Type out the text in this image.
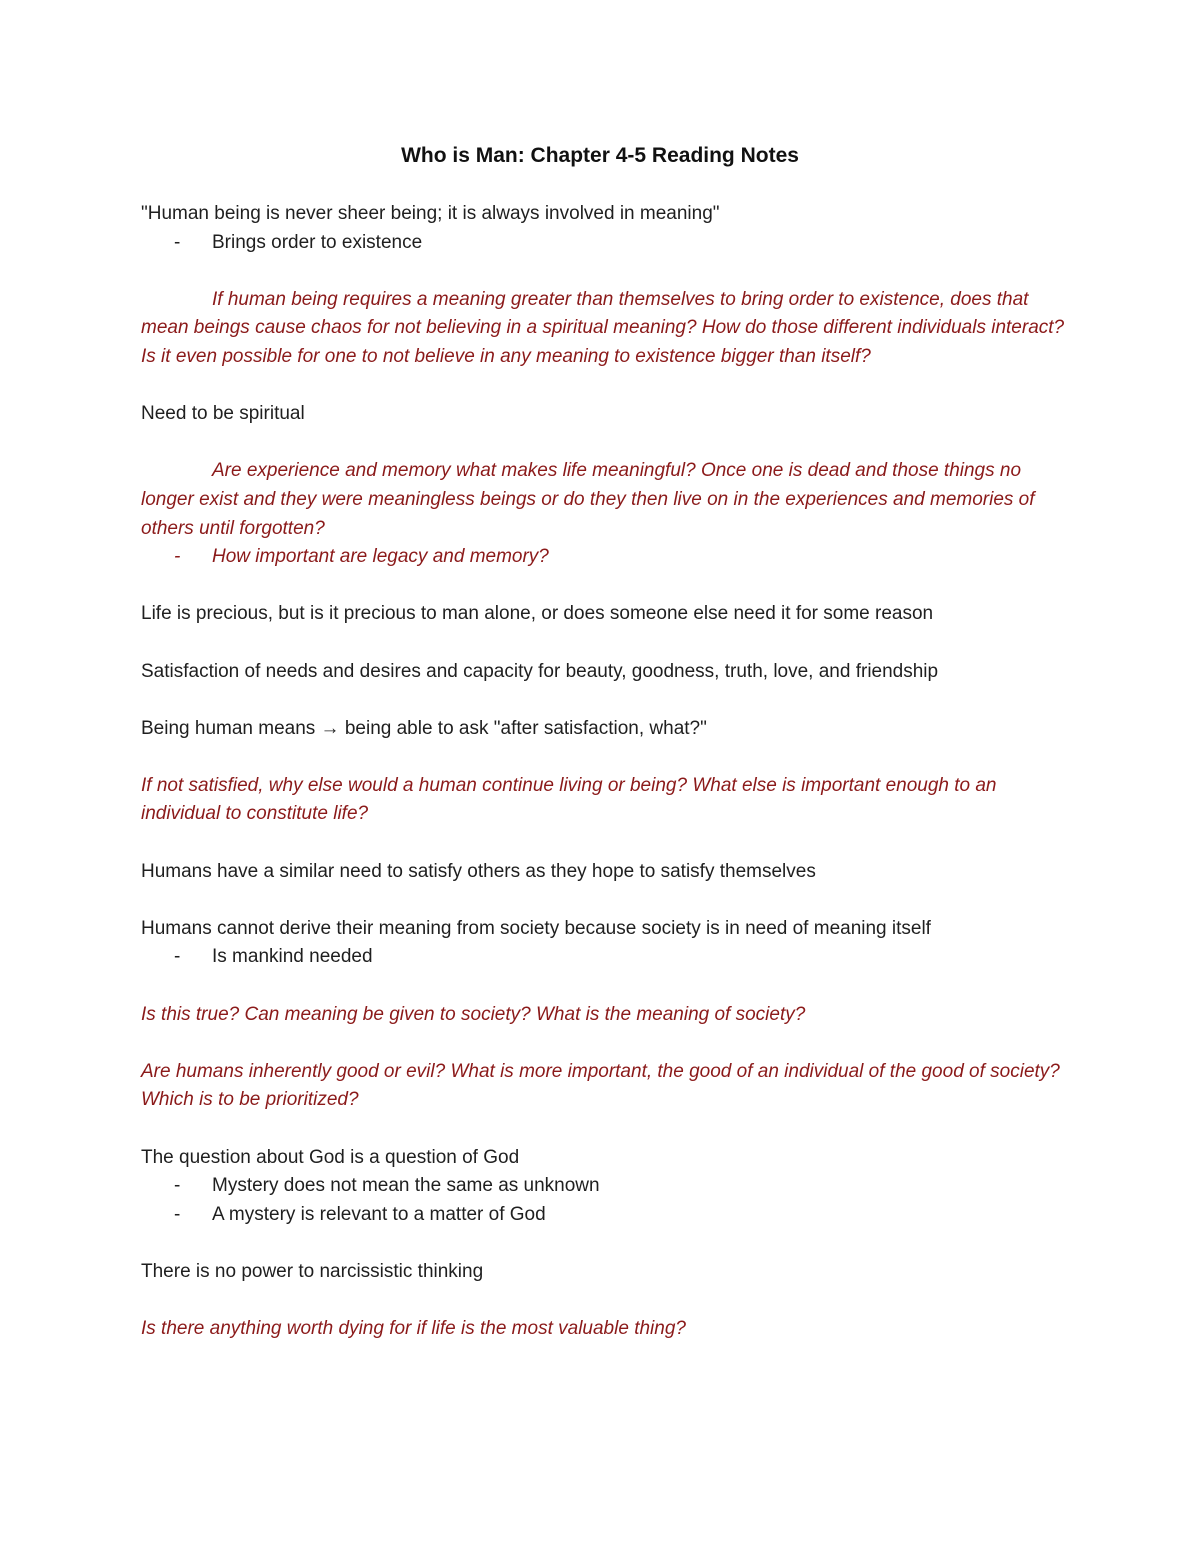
Who is Man: Chapter 4-5 Reading Notes

"Human being is never sheer being; it is always involved in meaning"

- Brings order to existence

If human being requires a meaning greater than themselves to bring order to existence, does that mean beings cause chaos for not believing in a spiritual meaning? How do those different individuals interact? Is it even possible for one to not believe in any meaning to existence bigger than itself?

Need to be spiritual

Are experience and memory what makes life meaningful? Once one is dead and those things no longer exist and they were meaningless beings or do they then live on in the experiences and memories of others until forgotten?

- How important are legacy and memory?

Life is precious, but is it precious to man alone, or does someone else need it for some reason

Satisfaction of needs and desires and capacity for beauty, goodness, truth, love, and friendship

Being human means → being able to ask "after satisfaction, what?"

If not satisfied, why else would a human continue living or being? What else is important enough to an individual to constitute life?

Humans have a similar need to satisfy others as they hope to satisfy themselves

Humans cannot derive their meaning from society because society is in need of meaning itself

- Is mankind needed

Is this true? Can meaning be given to society? What is the meaning of society?

Are humans inherently good or evil? What is more important, the good of an individual of the good of society? Which is to be prioritized?

The question about God is a question of God

- Mystery does not mean the same as unknown

- A mystery is relevant to a matter of God

There is no power to narcissistic thinking

Is there anything worth dying for if life is the most valuable thing?
